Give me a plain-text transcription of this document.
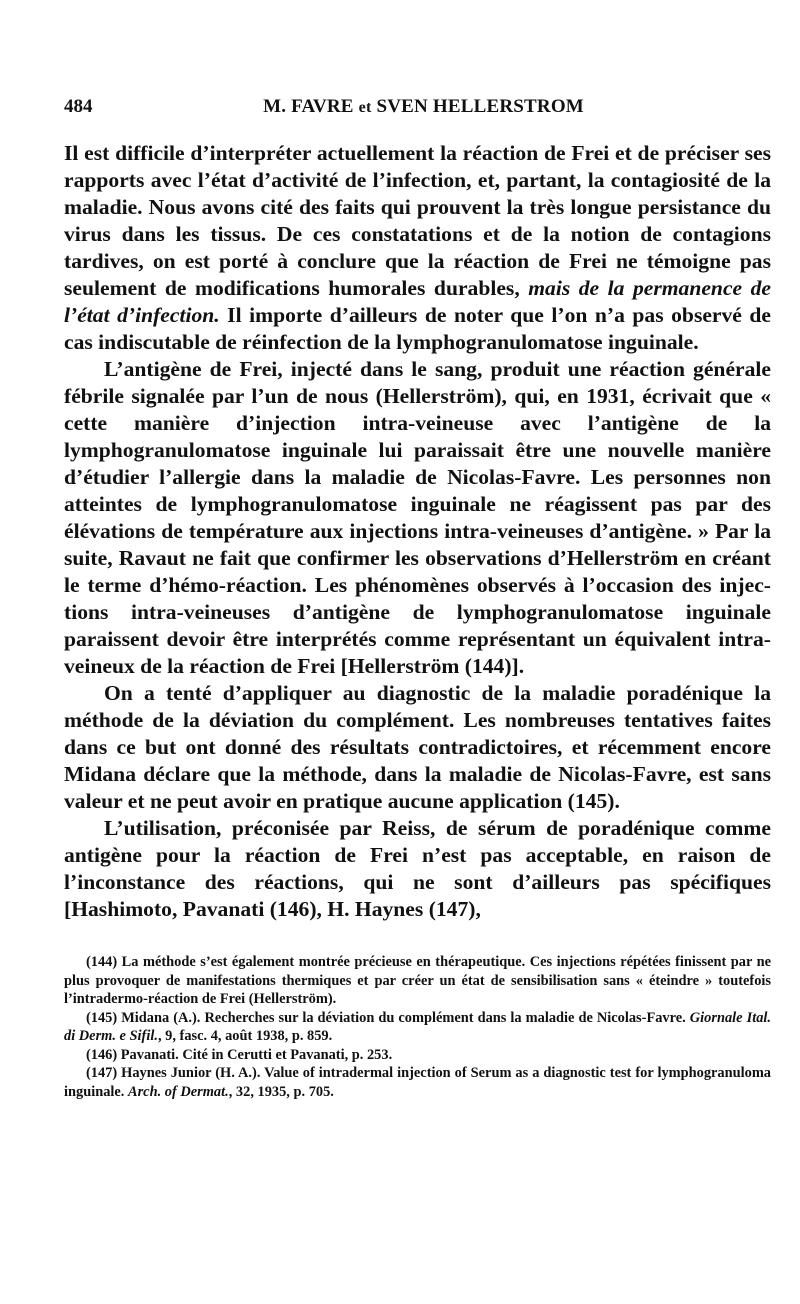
484	M. FAVRE et SVEN HELLERSTROM

Il est difficile d’interpréter actuellement la réaction de Frei et de préciser ses rapports avec l’état d’activité de l’infection, et, partant, la contagiosité de la maladie. Nous avons cité des faits qui prouvent la très longue persistance du virus dans les tissus. De ces constatations et de la notion de contagions tardives, on est porté à conclure que la réaction de Frei ne témoigne pas seulement de modifications humorales durables, mais de la permanence de l’état d’infection. Il importe d’ailleurs de noter que l’on n’a pas observé de cas indiscutable de réinfection de la lymphogranulomatose inguinale.

L’antigène de Frei, injecté dans le sang, produit une réaction générale fébrile signalée par l’un de nous (Hellerström), qui, en 1931, écrivait que « cette manière d’injection intra-veineuse avec l’antigène de la lymphogranulomatose inguinale lui paraissait être une nouvelle manière d’étudier l’allergie dans la maladie de Nicolas-Favre. Les personnes non atteintes de lymphogranulomatose inguinale ne réagissent pas par des élévations de température aux injections intra-veineuses d’antigène. » Par la suite, Ravaut ne fait que confirmer les observations d’Hellerström en créant le terme d’hémo-réaction. Les phénomènes observés à l’occasion des injections intra-veineuses d’antigène de lymphogranulomatose inguinale paraissent devoir être interprétés comme représentant un équivalent intra-veineux de la réaction de Frei [Hellerström (144)].

On a tenté d’appliquer au diagnostic de la maladie poradénique la méthode de la déviation du complément. Les nombreuses tentatives faites dans ce but ont donné des résultats contradictoires, et récemment encore Midana déclare que la méthode, dans la maladie de Nicolas-Favre, est sans valeur et ne peut avoir en pratique aucune application (145).

L’utilisation, préconisée par Reiss, de sérum de poradénique comme antigène pour la réaction de Frei n’est pas acceptable, en raison de l’inconstance des réactions, qui ne sont d’ailleurs pas spécifiques [Hashimoto, Pavanati (146), H. Haynes (147),

(144) La méthode s’est également montrée précieuse en thérapeutique. Ces injections répétées finissent par ne plus provoquer de manifestations thermiques et par créer un état de sensibilisation sans « éteindre » toutefois l’intradermo-réaction de Frei (Hellerström).

(145) Midana (A.). Recherches sur la déviation du complément dans la maladie de Nicolas-Favre. Giornale Ital. di Derm. e Sifil., 9, fasc. 4, août 1938, p. 859.

(146) Pavanati. Cité in Cerutti et Pavanati, p. 253.

(147) Haynes Junior (H. A.). Value of intradermal injection of Serum as a diagnostic test for lymphogranuloma inguinale. Arch. of Dermat., 32, 1935, p. 705.
